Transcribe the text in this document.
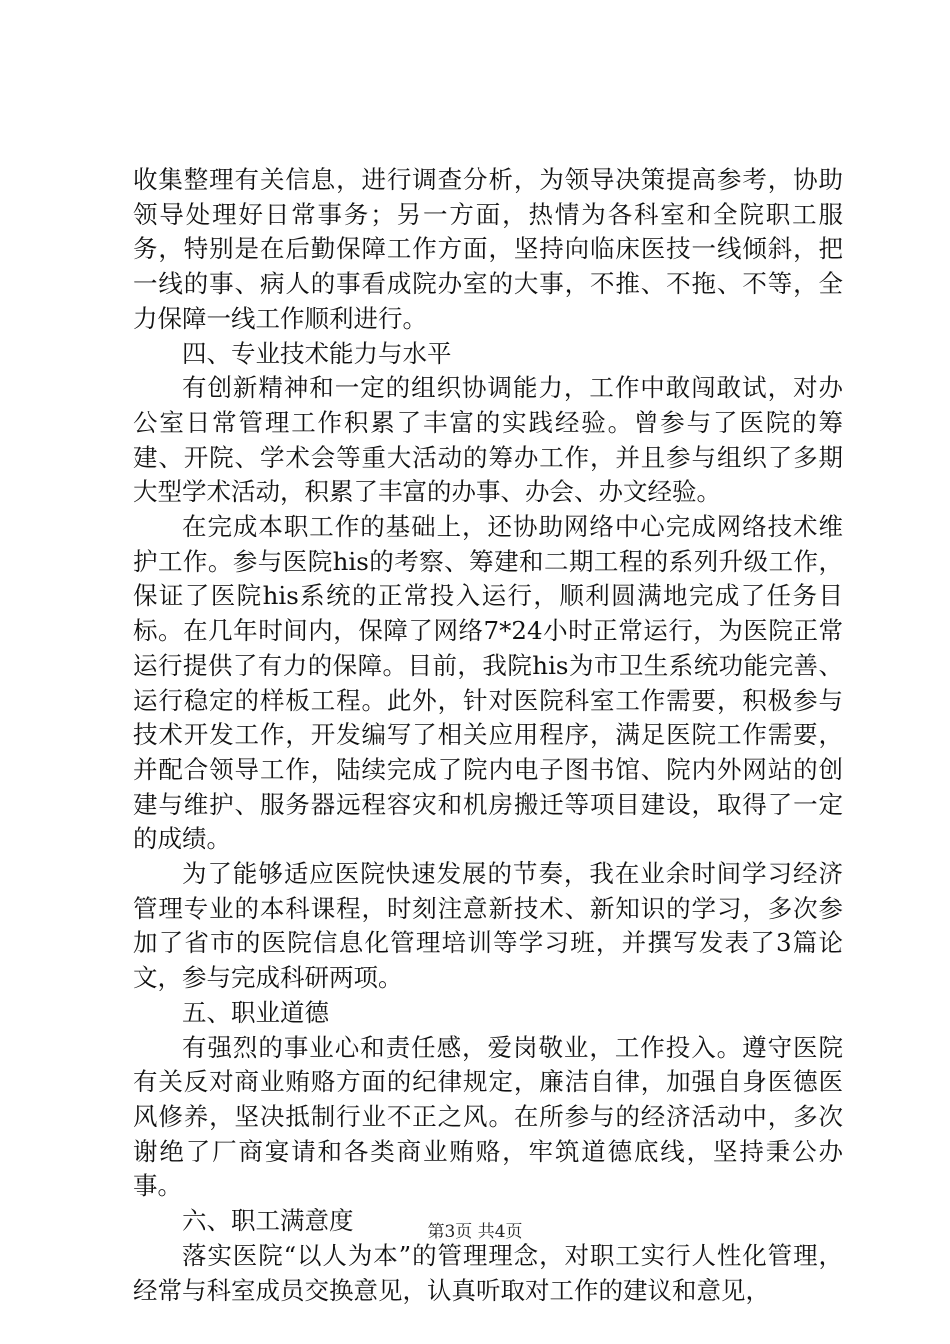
收集整理有关信息，进行调查分析，为领导决策提高参考，协助领导处理好日常事务；另一方面，热情为各科室和全院职工服务，特别是在后勤保障工作方面，坚持向临床医技一线倾斜，把一线的事、病人的事看成院办室的大事，不推、不拖、不等，全力保障一线工作顺利进行。

四、专业技术能力与水平

有创新精神和一定的组织协调能力，工作中敢闯敢试，对办公室日常管理工作积累了丰富的实践经验。曾参与了医院的筹建、开院、学术会等重大活动的筹办工作，并且参与组织了多期大型学术活动，积累了丰富的办事、办会、办文经验。

在完成本职工作的基础上，还协助网络中心完成网络技术维护工作。参与医院his的考察、筹建和二期工程的系列升级工作，保证了医院his系统的正常投入运行，顺利圆满地完成了任务目标。在几年时间内，保障了网络7*24小时正常运行，为医院正常运行提供了有力的保障。目前，我院his为市卫生系统功能完善、运行稳定的样板工程。此外，针对医院科室工作需要，积极参与技术开发工作，开发编写了相关应用程序，满足医院工作需要，并配合领导工作，陆续完成了院内电子图书馆、院内外网站的创建与维护、服务器远程容灾和机房搬迁等项目建设，取得了一定的成绩。

为了能够适应医院快速发展的节奏，我在业余时间学习经济管理专业的本科课程，时刻注意新技术、新知识的学习，多次参加了省市的医院信息化管理培训等学习班，并撰写发表了3篇论文，参与完成科研两项。

五、职业道德

有强烈的事业心和责任感，爱岗敬业，工作投入。遵守医院有关反对商业贿赂方面的纪律规定，廉洁自律，加强自身医德医风修养，坚决抵制行业不正之风。在所参与的经济活动中，多次谢绝了厂商宴请和各类商业贿赂，牢筑道德底线，坚持秉公办事。

六、职工满意度

落实医院“以人为本”的管理理念，对职工实行人性化管理，经常与科室成员交换意见，认真听取对工作的建议和意见，

第3页 共4页
